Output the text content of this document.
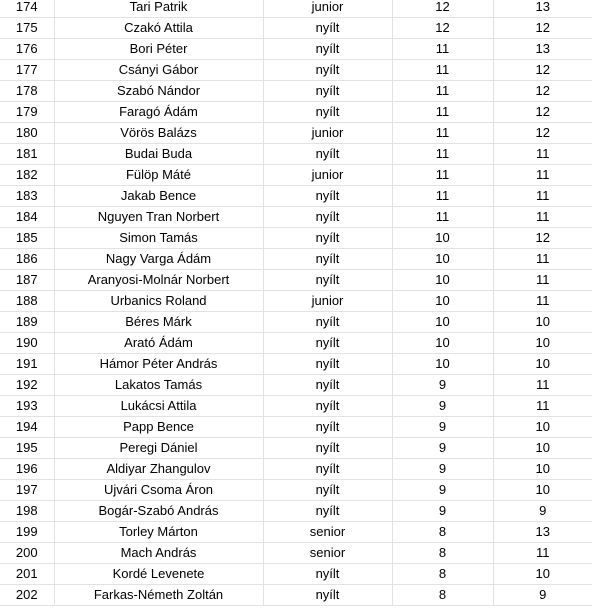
174	Tari Patrik	junior	12	13
175	Czakó Attila	nyílt	12	12
176	Bori Péter	nyílt	11	13
177	Csányi Gábor	nyílt	11	12
178	Szabó Nándor	nyílt	11	12
179	Faragó Ádám	nyílt	11	12
180	Vörös Balázs	junior	11	12
181	Budai Buda	nyílt	11	11
182	Fülöp Máté	junior	11	11
183	Jakab Bence	nyílt	11	11
184	Nguyen Tran Norbert	nyílt	11	11
185	Simon Tamás	nyílt	10	12
186	Nagy Varga Ádám	nyílt	10	11
187	Aranyosi-Molnár Norbert	nyílt	10	11
188	Urbanics Roland	junior	10	11
189	Béres Márk	nyílt	10	10
190	Arató Ádám	nyílt	10	10
191	Hámor Péter András	nyílt	10	10
192	Lakatos Tamás	nyílt	9	11
193	Lukácsi Attila	nyílt	9	11
194	Papp Bence	nyílt	9	10
195	Peregi Dániel	nyílt	9	10
196	Aldiyar Zhangulov	nyílt	9	10
197	Ujvári Csoma Áron	nyílt	9	10
198	Bogár-Szabó András	nyílt	9	9
199	Torley Márton	senior	8	13
200	Mach András	senior	8	11
201	Kordé Levenete	nyílt	8	10
202	Farkas-Németh Zoltán	nyílt	8	9
